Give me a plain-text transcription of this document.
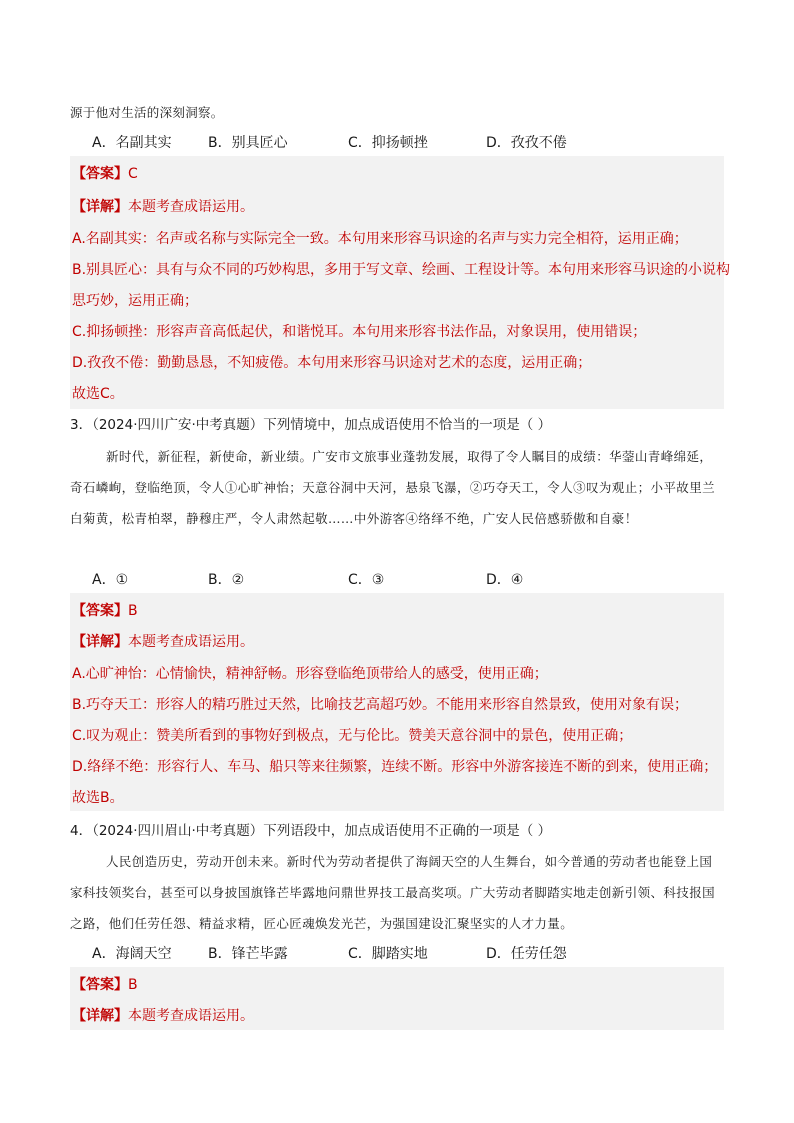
源于他对生活的深刻洞察。
A．名副其实	B．别具匠心	C．抑扬顿挫	D．孜孜不倦
【答案】C
【详解】本题考查成语运用。
A.名副其实：名声或名称与实际完全一致。本句用来形容马识途的名声与实力完全相符，运用正确；
B.别具匠心：具有与众不同的巧妙构思，多用于写文章、绘画、工程设计等。本句用来形容马识途的小说构
思巧妙，运用正确；
C.抑扬顿挫：形容声音高低起伏，和谐悦耳。本句用来形容书法作品，对象误用，使用错误；
D.孜孜不倦：勤勤恳恳，不知疲倦。本句用来形容马识途对艺术的态度，运用正确；
故选C。
3．（2024·四川广安·中考真题）下列情境中，加点成语使用不恰当的一项是（ ）
新时代，新征程，新使命，新业绩。广安市文旅事业蓬勃发展，取得了令人瞩目的成绩：华蓥山青峰绵延，奇石嶙峋，登临绝顶，令人①心旷神怡；天意谷洞中天河，悬泉飞瀑，②巧夺天工，令人③叹为观止；小平故里兰白菊黄，松青柏翠，静穆庄严，令人肃然起敬……中外游客④络绎不绝，广安人民倍感骄傲和自豪！
A．①	B．②	C．③	D．④
【答案】B
【详解】本题考查成语运用。
A.心旷神怡：心情愉快，精神舒畅。形容登临绝顶带给人的感受，使用正确；
B.巧夺天工：形容人的精巧胜过天然，比喻技艺高超巧妙。不能用来形容自然景致，使用对象有误；
C.叹为观止：赞美所看到的事物好到极点，无与伦比。赞美天意谷洞中的景色，使用正确；
D.络绎不绝：形容行人、车马、船只等来往频繁，连续不断。形容中外游客接连不断的到来，使用正确；
故选B。
4．（2024·四川眉山·中考真题）下列语段中，加点成语使用不正确的一项是（ ）
人民创造历史，劳动开创未来。新时代为劳动者提供了海阔天空的人生舞台，如今普通的劳动者也能登上国家科技领奖台，甚至可以身披国旗锋芒毕露地问鼎世界技工最高奖项。广大劳动者脚踏实地走创新引领、科技报国之路，他们任劳任怨、精益求精，匠心匠魂焕发光芒，为强国建设汇聚坚实的人才力量。
A．海阔天空	B．锋芒毕露	C．脚踏实地	D．任劳任怨
【答案】B
【详解】本题考查成语运用。
